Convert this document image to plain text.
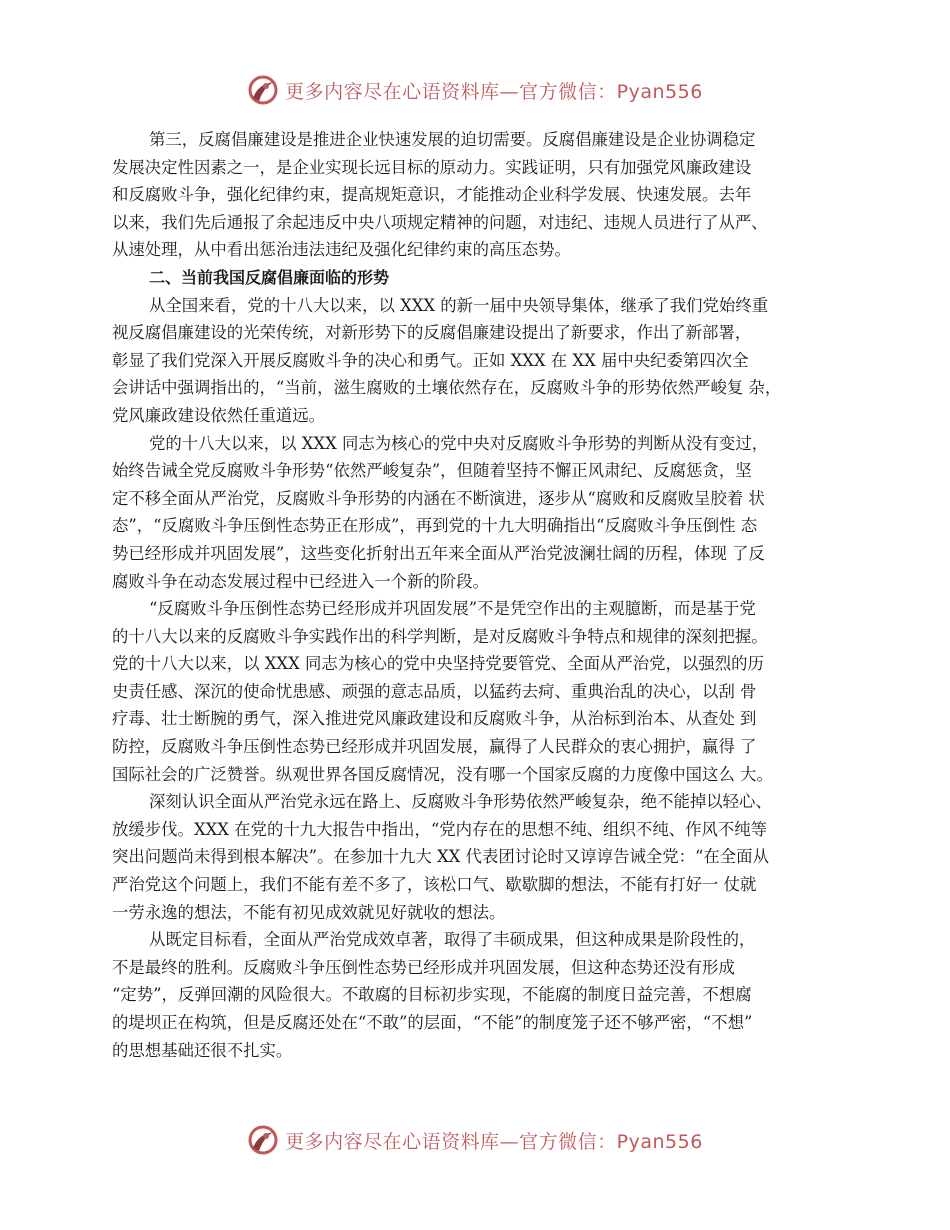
更多内容尽在心语资料库—官方微信：Pyan556
第三，反腐倡廉建设是推进企业快速发展的迫切需要。反腐倡廉建设是企业协调稳定
发展决定性因素之一，是企业实现长远目标的原动力。实践证明，只有加强党风廉政建设
和反腐败斗争，强化纪律约束，提高规矩意识，才能推动企业科学发展、快速发展。去年
以来，我们先后通报了余起违反中央八项规定精神的问题，对违纪、违规人员进行了从严、
从速处理，从中看出惩治违法违纪及强化纪律约束的高压态势。
二、当前我国反腐倡廉面临的形势
从全国来看，党的十八大以来，以 XXX 的新一届中央领导集体，继承了我们党始终重
视反腐倡廉建设的光荣传统，对新形势下的反腐倡廉建设提出了新要求，作出了新部署，
彰显了我们党深入开展反腐败斗争的决心和勇气。正如 XXX 在 XX 届中央纪委第四次全
会讲话中强调指出的，“当前，滋生腐败的土壤依然存在，反腐败斗争的形势依然严峻复 杂，
党风廉政建设依然任重道远。
党的十八大以来，以 XXX 同志为核心的党中央对反腐败斗争形势的判断从没有变过，
始终告诫全党反腐败斗争形势“依然严峻复杂”，但随着坚持不懈正风肃纪、反腐惩贪，坚
定不移全面从严治党，反腐败斗争形势的内涵在不断演进，逐步从“腐败和反腐败呈胶着 状
态”，“反腐败斗争压倒性态势正在形成”，再到党的十九大明确指出“反腐败斗争压倒性 态
势已经形成并巩固发展”，这些变化折射出五年来全面从严治党波澜壮阔的历程，体现 了反
腐败斗争在动态发展过程中已经进入一个新的阶段。
“反腐败斗争压倒性态势已经形成并巩固发展”不是凭空作出的主观臆断，而是基于党
的十八大以来的反腐败斗争实践作出的科学判断，是对反腐败斗争特点和规律的深刻把握。
党的十八大以来，以 XXX 同志为核心的党中央坚持党要管党、全面从严治党，以强烈的历
史责任感、深沉的使命忧患感、顽强的意志品质，以猛药去疴、重典治乱的决心，以刮 骨
疗毒、壮士断腕的勇气，深入推进党风廉政建设和反腐败斗争，从治标到治本、从查处 到
防控，反腐败斗争压倒性态势已经形成并巩固发展，赢得了人民群众的衷心拥护，赢得 了
国际社会的广泛赞誉。纵观世界各国反腐情况，没有哪一个国家反腐的力度像中国这么 大。
深刻认识全面从严治党永远在路上、反腐败斗争形势依然严峻复杂，绝不能掉以轻心、
放缓步伐。XXX 在党的十九大报告中指出，“党内存在的思想不纯、组织不纯、作风不纯等
突出问题尚未得到根本解决”。在参加十九大 XX 代表团讨论时又谆谆告诫全党：“在全面从
严治党这个问题上，我们不能有差不多了，该松口气、歇歇脚的想法，不能有打好一 仗就
一劳永逸的想法，不能有初见成效就见好就收的想法。
从既定目标看，全面从严治党成效卓著，取得了丰硕成果，但这种成果是阶段性的，
不是最终的胜利。反腐败斗争压倒性态势已经形成并巩固发展，但这种态势还没有形成
“定势”，反弹回潮的风险很大。不敢腐的目标初步实现，不能腐的制度日益完善，不想腐
的堤坝正在构筑，但是反腐还处在“不敢”的层面，“不能”的制度笼子还不够严密，“不想”
的思想基础还很不扎实。
更多内容尽在心语资料库—官方微信：Pyan556
